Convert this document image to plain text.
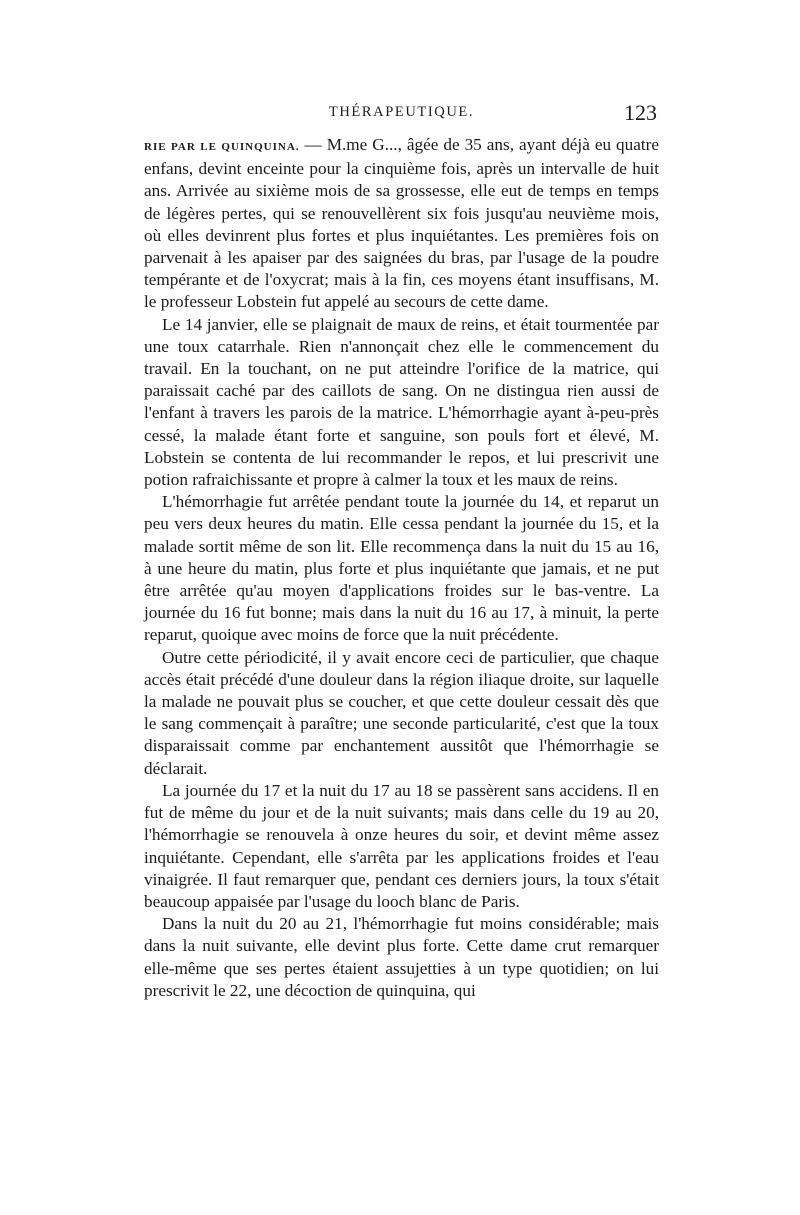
THÉRAPEUTIQUE.	123

RIE PAR LE QUINQUINA. — M.me G..., âgée de 35 ans, ayant déjà eu quatre enfans, devint enceinte pour la cinquième fois, après un intervalle de huit ans. Arrivée au sixième mois de sa grossesse, elle eut de temps en temps de légères pertes, qui se renouvellèrent six fois jusqu'au neuvième mois, où elles devinrent plus fortes et plus inquiétantes. Les premières fois on parvenait à les apaiser par des saignées du bras, par l'usage de la poudre tempérante et de l'oxycrat; mais à la fin, ces moyens étant insuffisans, M. le professeur Lobstein fut appelé au secours de cette dame.

Le 14 janvier, elle se plaignait de maux de reins, et était tourmentée par une toux catarrhale. Rien n'annonçait chez elle le commencement du travail. En la touchant, on ne put atteindre l'orifice de la matrice, qui paraissait caché par des caillots de sang. On ne distingua rien aussi de l'enfant à travers les parois de la matrice. L'hémorrhagie ayant à-peu-près cessé, la malade étant forte et sanguine, son pouls fort et élevé, M. Lobstein se contenta de lui recommander le repos, et lui prescrivit une potion rafraichissante et propre à calmer la toux et les maux de reins.

L'hémorrhagie fut arrêtée pendant toute la journée du 14, et reparut un peu vers deux heures du matin. Elle cessa pendant la journée du 15, et la malade sortit même de son lit. Elle recommença dans la nuit du 15 au 16, à une heure du matin, plus forte et plus inquiétante que jamais, et ne put être arrêtée qu'au moyen d'applications froides sur le bas-ventre. La journée du 16 fut bonne; mais dans la nuit du 16 au 17, à minuit, la perte reparut, quoique avec moins de force que la nuit précédente.

Outre cette périodicité, il y avait encore ceci de particulier, que chaque accès était précédé d'une douleur dans la région iliaque droite, sur laquelle la malade ne pouvait plus se coucher, et que cette douleur cessait dès que le sang commençait à paraître; une seconde particularité, c'est que la toux disparaissait comme par enchantement aussitôt que l'hémorrhagie se déclarait.

La journée du 17 et la nuit du 17 au 18 se passèrent sans accidens. Il en fut de même du jour et de la nuit suivants; mais dans celle du 19 au 20, l'hémorrhagie se renouvela à onze heures du soir, et devint même assez inquiétante. Cependant, elle s'arrêta par les applications froides et l'eau vinaigrée. Il faut remarquer que, pendant ces derniers jours, la toux s'était beaucoup appaisée par l'usage du looch blanc de Paris.

Dans la nuit du 20 au 21, l'hémorrhagie fut moins considérable; mais dans la nuit suivante, elle devint plus forte. Cette dame crut remarquer elle-même que ses pertes étaient assujetties à un type quotidien; on lui prescrivit le 22, une décoction de quinquina, qui
